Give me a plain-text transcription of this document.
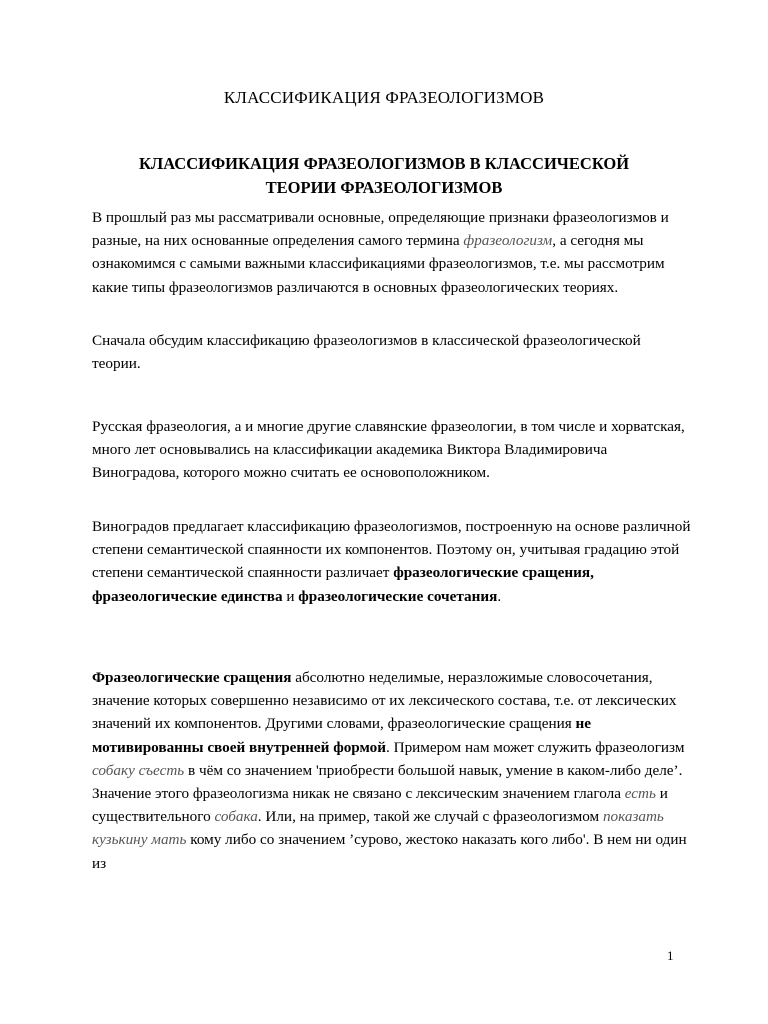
КЛАССИФИКАЦИЯ ФРАЗЕОЛОГИЗМОВ
КЛАССИФИКАЦИЯ ФРАЗЕОЛОГИЗМОВ В КЛАССИЧЕСКОЙ
ТЕОРИИ ФРАЗЕОЛОГИЗМОВ

В прошлый раз мы рассматривали основные, определяющие признаки фразеологизмов и разные, на них основанные определения самого термина фразеологизм, а сегодня мы ознакомимся с самыми важными классификациями фразеологизмов, т.е. мы рассмотрим какие типы фразеологизмов различаются в основных фразеологических теориях.

Сначала обсудим классификацию фразеологизмов в классической фразеологической теории.

Русская фразеология, а и многие другие славянские фразеологии, в том числе и хорватская, много лет основывались на классификации академика Виктора Владимировича Виноградова, которого можно считать ее основоположником.

Виноградов предлагает классификацию фразеологизмов, построенную на основе различной степени семантической спаянности их компонентов. Поэтому он, учитывая градацию этой степени семантической спаянности различает фразеологические сращения, фразеологические единства и фразеологические сочетания.

Фразеологические сращения абсолютно неделимые, неразложимые словосочетания, значение которых совершенно независимо от их лексического состава, т.е. от лексических значений их компонентов. Другими словами, фразеологические сращения не мотивированны своей внутренней формой. Примером нам может служить фразеологизм собаку съесть в чём со значением 'приобрести большой навык, умение в каком-либо деле’. Значение этого фразеологизма никак не связано с лексическим значением глагола есть и существительного собака. Или, на пример, такой же случай с фразеологизмом показать кузькину мать кому либо со значением ’сурово, жестоко наказать кого либо'. В нем ни один из

1
